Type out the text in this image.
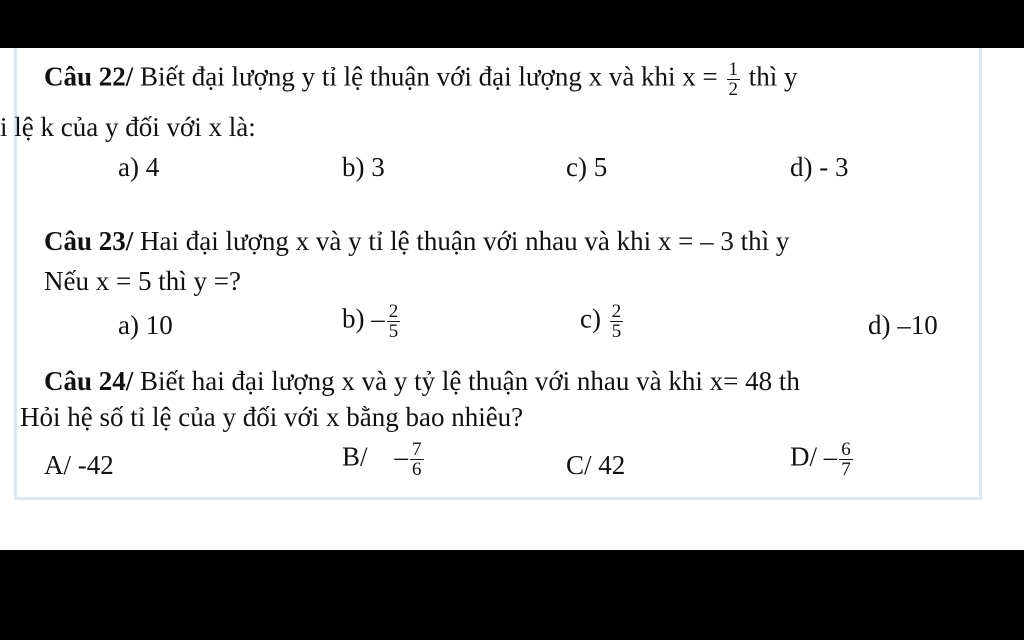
Câu 22/ Biết đại lượng y tỉ lệ thuận với đại lượng x và khi $x = \frac{1}{2}$ thì y
i lệ k của y đối với x là:
a) 4	b) 3	c) 5	d) - 3
Câu 23/ Hai đại lượng x và y tỉ lệ thuận với nhau và khi x = – 3 thì y
Nếu x = 5 thì y =?
a) 10	$b) - \frac{2}{5}$	$c) \frac{2}{5}$	d) –10
Câu 24/ Biết hai đại lượng x và y tỷ lệ thuận với nhau và khi x= 48 th
Hỏi hệ số tỉ lệ của y đối với x bằng bao nhiêu?
A/ -42	$B/ - \frac{7}{6}$	C/ 42	$D/ - \frac{6}{7}$
